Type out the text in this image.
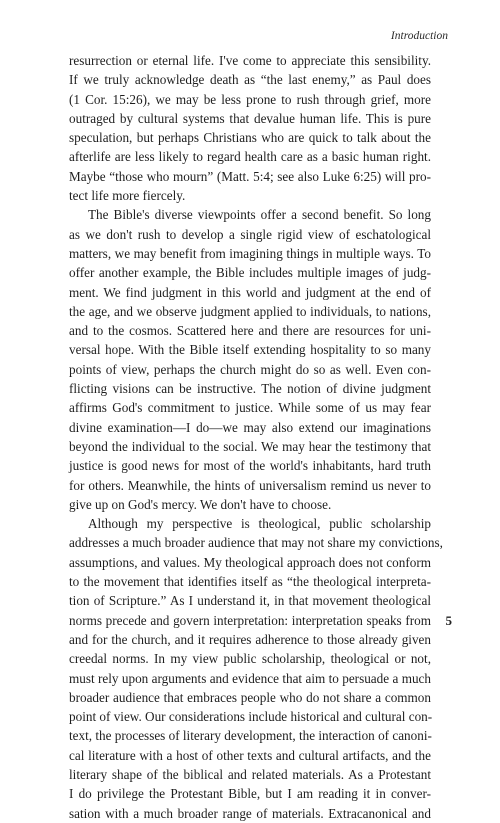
Introduction
resurrection or eternal life. I've come to appreciate this sensibility.
If we truly acknowledge death as “the last enemy,” as Paul does
(1 Cor. 15:26), we may be less prone to rush through grief, more
outraged by cultural systems that devalue human life. This is pure
speculation, but perhaps Christians who are quick to talk about the
afterlife are less likely to regard health care as a basic human right.
Maybe “those who mourn” (Matt. 5:4; see also Luke 6:25) will pro-
tect life more fiercely.
The Bible's diverse viewpoints offer a second benefit. So long
as we don't rush to develop a single rigid view of eschatological
matters, we may benefit from imagining things in multiple ways. To
offer another example, the Bible includes multiple images of judg-
ment. We find judgment in this world and judgment at the end of
the age, and we observe judgment applied to individuals, to nations,
and to the cosmos. Scattered here and there are resources for uni-
versal hope. With the Bible itself extending hospitality to so many
points of view, perhaps the church might do so as well. Even con-
flicting visions can be instructive. The notion of divine judgment
affirms God's commitment to justice. While some of us may fear
divine examination—I do—we may also extend our imaginations
beyond the individual to the social. We may hear the testimony that
justice is good news for most of the world's inhabitants, hard truth
for others. Meanwhile, the hints of universalism remind us never to
give up on God's mercy. We don't have to choose.
Although my perspective is theological, public scholarship
addresses a much broader audience that may not share my convictions,
assumptions, and values. My theological approach does not conform
to the movement that identifies itself as “the theological interpreta-
tion of Scripture.” As I understand it, in that movement theological
norms precede and govern interpretation: interpretation speaks from
and for the church, and it requires adherence to those already given
creedal norms. In my view public scholarship, theological or not,
must rely upon arguments and evidence that aim to persuade a much
broader audience that embraces people who do not share a common
point of view. Our considerations include historical and cultural con-
text, the processes of literary development, the interaction of canoni-
cal literature with a host of other texts and cultural artifacts, and the
literary shape of the biblical and related materials. As a Protestant
I do privilege the Protestant Bible, but I am reading it in conver-
sation with a much broader range of materials. Extracanonical and
5
